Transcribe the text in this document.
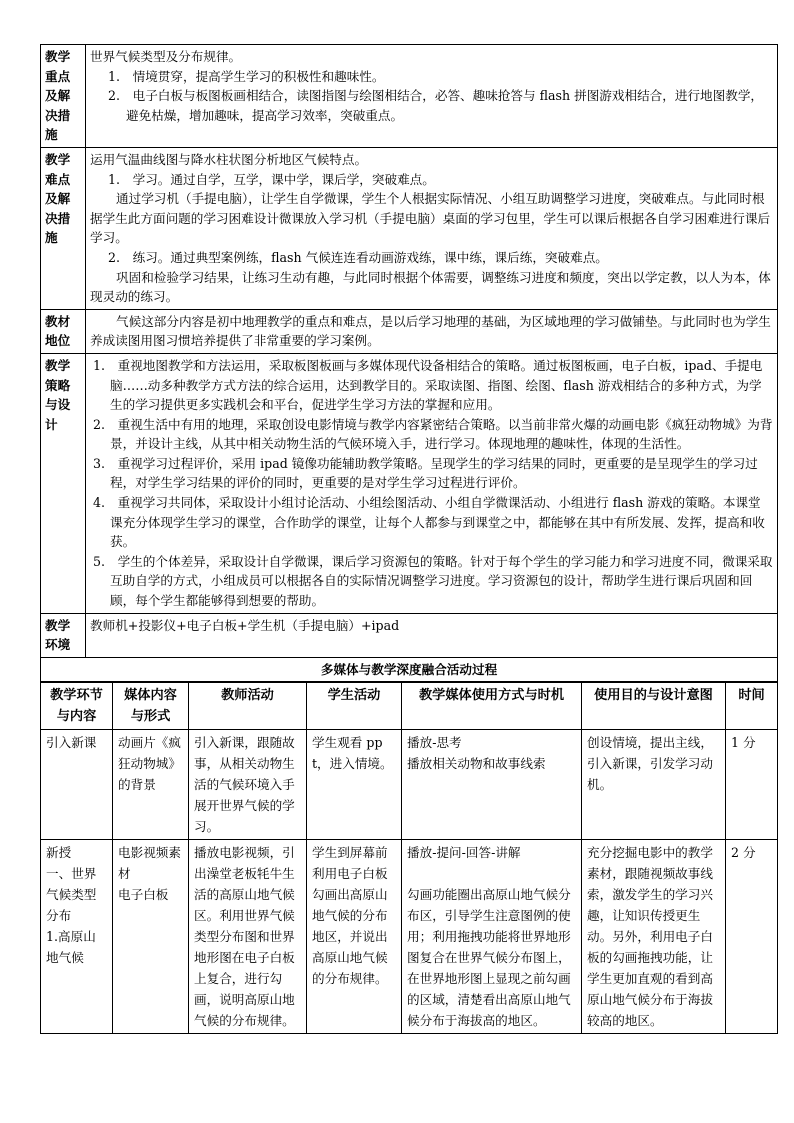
教学重点及解决措施	世界气候类型及分布规律。

1.　情境贯穿，提高学生学习的积极性和趣味性。

2.　电子白板与板图板画相结合，读图指图与绘图相结合，必答、趣味抢答与 flash 拼图游戏相结合，进行地图教学，避免枯燥，增加趣味，提高学习效率，突破重点。

教学难点及解决措施	运用气温曲线图与降水柱状图分析地区气候特点。

1.　学习。通过自学，互学，课中学，课后学，突破难点。

通过学习机（手提电脑），让学生自学微课，学生个人根据实际情况、小组互助调整学习进度，突破难点。与此同时根据学生此方面问题的学习困难设计微课放入学习机（手提电脑）桌面的学习包里，学生可以课后根据各自学习困难进行课后学习。

2.　练习。通过典型案例练，flash 气候连连看动画游戏练，课中练，课后练，突破难点。

巩固和检验学习结果，让练习生动有趣，与此同时根据个体需要，调整练习进度和频度，突出以学定教，以人为本，体现灵动的练习。

教材地位	气候这部分内容是初中地理教学的重点和难点，是以后学习地理的基础，为区域地理的学习做铺垫。与此同时也为学生养成读图用图习惯培养提供了非常重要的学习案例。

教学策略与设计	1.　重视地图教学和方法运用，采取板图板画与多媒体现代设备相结合的策略。通过板图板画，电子白板，ipad、手提电脑……动多种教学方式方法的综合运用，达到教学目的。采取读图、指图、绘图、flash 游戏相结合的多种方式，为学生的学习提供更多实践机会和平台，促进学生学习方法的掌握和应用。

2.　重视生活中有用的地理，采取创设电影情境与教学内容紧密结合策略。以当前非常火爆的动画电影《疯狂动物城》为背景，并设计主线，从其中相关动物生活的气候环境入手，进行学习。体现地理的趣味性，体现的生活性。

3.　重视学习过程评价，采用 ipad 镜像功能辅助教学策略。呈现学生的学习结果的同时，更重要的是呈现学生的学习过程，对学生学习结果的评价的同时，更重要的是对学生学习过程进行评价。

4.　重视学习共同体，采取设计小组讨论活动、小组绘图活动、小组自学微课活动、小组进行 flash 游戏的策略。本课堂课充分体现学生学习的课堂，合作助学的课堂，让每个人都参与到课堂之中，都能够在其中有所发展、发挥，提高和收获。

5.　学生的个体差异，采取设计自学微课，课后学习资源包的策略。针对于每个学生的学习能力和学习进度不同，微课采取互助自学的方式，小组成员可以根据各自的实际情况调整学习进度。学习资源包的设计，帮助学生进行课后巩固和回顾，每个学生都能够得到想要的帮助。

教学环境	教师机+投影仪+电子白板+学生机（手提电脑）+ipad

多媒体与教学深度融合活动过程	
教学环节与内容	媒体内容与形式	教师活动	学生活动	教学媒体使用方式与时机	使用目的与设计意图	时间
引入新课	动画片《疯狂动物城》的背景	引入新课，跟随故事，从相关动物生活的气候环境入手展开世界气候的学习。	学生观看 ppt，进入情境。	播放-思考
播放相关动物和故事线索	创设情境，提出主线，引入新课，引发学习动机。	1 分
新授
一、世界气候类型分布
1.高原山地气候	电影视频素材
电子白板	播放电影视频，引出澡堂老板牦牛生活的高原山地气候区。利用世界气候类型分布图和世界地形图在电子白板上复合，进行勾画，说明高原山地气候的分布规律。	学生到屏幕前利用电子白板勾画出高原山地气候的分布地区，并说出高原山地气候的分布规律。	播放-提问-回答-讲解

勾画功能圈出高原山地气候分布区，引导学生注意图例的使用；利用拖拽功能将世界地形图复合在世界气候分布图上，在世界地形图上显现之前勾画的区域，清楚看出高原山地气候分布于海拔高的地区。	充分挖掘电影中的教学素材，跟随视频故事线索，激发学生的学习兴趣，让知识传授更生动。另外，利用电子白板的勾画拖拽功能，让学生更加直观的看到高原山地气候分布于海拔较高的地区。	2 分
